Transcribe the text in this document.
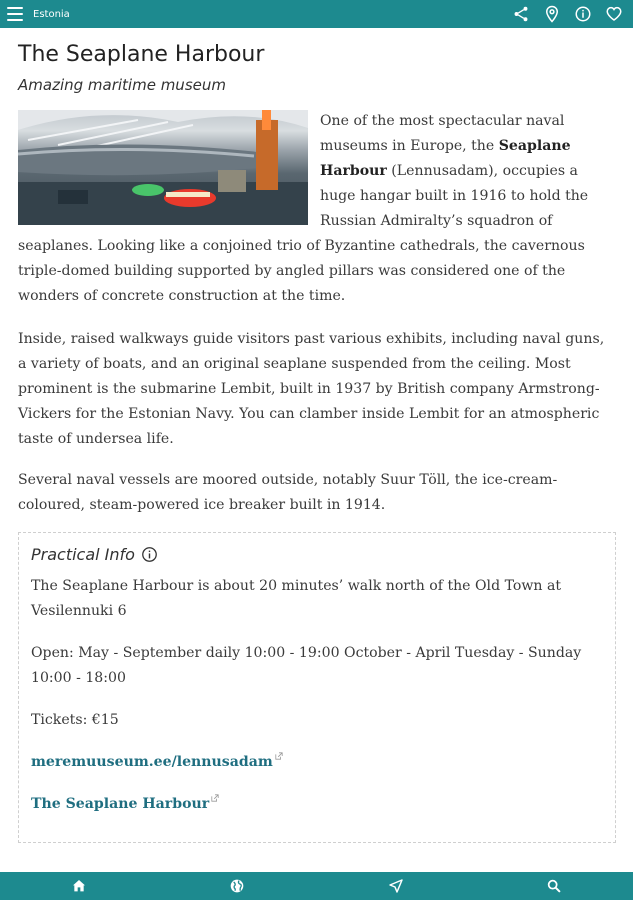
Estonia
The Seaplane Harbour
Amazing maritime museum

One of the most spectacular naval museums in Europe, the Seaplane Harbour (Lennusadam), occupies a huge hangar built in 1916 to hold the Russian Admiralty’s squadron of seaplanes. Looking like a conjoined trio of Byzantine cathedrals, the cavernous triple-domed building supported by angled pillars was considered one of the wonders of concrete construction at the time.

Inside, raised walkways guide visitors past various exhibits, including naval guns, a variety of boats, and an original seaplane suspended from the ceiling. Most prominent is the submarine Lembit, built in 1937 by British company Armstrong-Vickers for the Estonian Navy. You can clamber inside Lembit for an atmospheric taste of undersea life.

Several naval vessels are moored outside, notably Suur Töll, the ice-cream-coloured, steam-powered ice breaker built in 1914.

Practical Info

The Seaplane Harbour is about 20 minutes’ walk north of the Old Town at Vesilennuki 6

Open: May - September daily 10:00 - 19:00 October - April Tuesday - Sunday 10:00 - 18:00

Tickets: €15

meremuuseum.ee/lennusadam

The Seaplane Harbour
